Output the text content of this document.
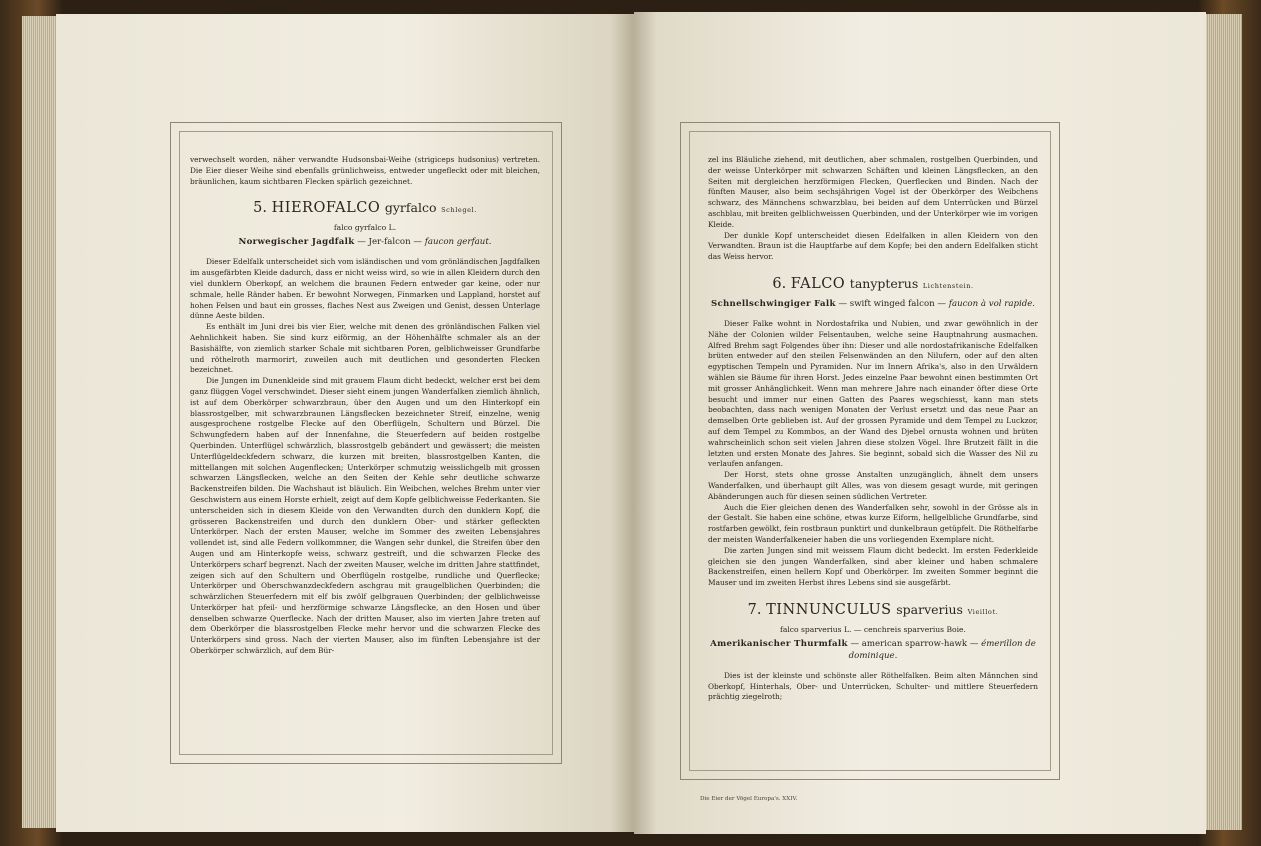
verwechselt worden, näher verwandte Hudsonsbai-Weihe (strigiceps hudsonius) vertreten. Die Eier dieser Weihe sind ebenfalls grünlichweiss, entweder ungefleckt oder mit bleichen, bräunlichen, kaum sichtbaren Flecken spärlich gezeichnet.

5. HIEROFALCO gyrfalco Schlegel.
falco gyrfalco L.
Norwegischer Jagdfalk — Jer-falcon — faucon gerfaut.

Dieser Edelfalk unterscheidet sich vom isländischen und vom grönländischen Jagdfalken im ausgefärbten Kleide dadurch, dass er nicht weiss wird, so wie in allen Kleidern durch den viel dunklern Oberkopf, an welchem die braunen Federn entweder gar keine, oder nur schmale, helle Ränder haben. Er bewohnt Norwegen, Finmarken und Lappland, horstet auf hohen Felsen und baut ein grosses, flaches Nest aus Zweigen und Genist, dessen Unterlage dünne Aeste bilden.

Es enthält im Juni drei bis vier Eier, welche mit denen des grönländischen Falken viel Aehnlichkeit haben. Sie sind kurz eiförmig, an der Höhenhälfte schmaler als an der Basishälfte, von ziemlich starker Schale mit sichtbaren Poren, gelblichweisser Grundfarbe und röthelroth marmorirt, zuweilen auch mit deutlichen und gesonderten Flecken bezeichnet.

Die Jungen im Dunenkleide sind mit grauem Flaum dicht bedeckt, welcher erst bei dem ganz flüggen Vogel verschwindet. Dieser sieht einem jungen Wanderfalken ziemlich ähnlich, ist auf dem Oberkörper schwarzbraun, über den Augen und um den Hinterkopf ein blassrostgelber, mit schwarzbraunen Längsflecken bezeichneter Streif, einzelne, wenig ausgesprochene rostgelbe Flecke auf den Oberflügeln, Schultern und Bürzel. Die Schwungfedern haben auf der Innenfahne, die Steuerfedern auf beiden rostgelbe Querbinden. Unterflügel schwärzlich, blassrostgelb gebändert und gewässert; die meisten Unterflügeldeckfedern schwarz, die kurzen mit breiten, blassrostgelben Kanten, die mittellangen mit solchen Augenflecken; Unterkörper schmutzig weisslichgelb mit grossen schwarzen Längsflecken, welche an den Seiten der Kehle sehr deutliche schwarze Backenstreifen bilden. Die Wachshaut ist bläulich. Ein Weibchen, welches Brehm unter vier Geschwistern aus einem Horste erhielt, zeigt auf dem Kopfe gelblichweisse Federkanten. Sie unterscheiden sich in diesem Kleide von den Verwandten durch den dunklern Kopf, die grösseren Backenstreifen und durch den dunklern Ober- und stärker gefleckten Unterkörper. Nach der ersten Mauser, welche im Sommer des zweiten Lebensjahres vollendet ist, sind alle Federn vollkommner, die Wangen sehr dunkel, die Streifen über den Augen und am Hinterkopfe weiss, schwarz gestreift, und die schwarzen Flecke des Unterkörpers scharf begrenzt. Nach der zweiten Mauser, welche im dritten Jahre stattfindet, zeigen sich auf den Schultern und Oberflügeln rostgelbe, rundliche und Querflecke; Unterkörper und Oberschwanzdeckfedern aschgrau mit graugelblichen Querbinden; die schwärzlichen Steuerfedern mit elf bis zwölf gelbgrauen Querbinden; der gelblichweisse Unterkörper hat pfeil- und herzförmige schwarze Längsflecke, an den Hosen und über denselben schwarze Querflecke. Nach der dritten Mauser, also im vierten Jahre treten auf dem Oberkörper die blassrostgelben Flecke mehr hervor und die schwarzen Flecke des Unterkörpers sind gross. Nach der vierten Mauser, also im fünften Lebensjahre ist der Oberkörper schwärzlich, auf dem Bür-

zel ins Bläuliche ziehend, mit deutlichen, aber schmalen, rostgelben Querbinden, und der weisse Unterkörper mit schwarzen Schäften und kleinen Längsflecken, an den Seiten mit dergleichen herzförmigen Flecken, Querflecken und Binden. Nach der fünften Mauser, also beim sechsjährigen Vogel ist der Oberkörper des Weibchens schwarz, des Männchens schwarzblau, bei beiden auf dem Unterrücken und Bürzel aschblau, mit breiten gelblichweissen Querbinden, und der Unterkörper wie im vorigen Kleide.

Der dunkle Kopf unterscheidet diesen Edelfalken in allen Kleidern von den Verwandten. Braun ist die Hauptfarbe auf dem Kopfe; bei den andern Edelfalken sticht das Weiss hervor.

6. FALCO tanypterus Lichtenstein.
Schnellschwingiger Falk — swift winged falcon — faucon à vol rapide.

Dieser Falke wohnt in Nordostafrika und Nubien, und zwar gewöhnlich in der Nähe der Colonien wilder Felsentauben, welche seine Hauptnahrung ausmachen. Alfred Brehm sagt Folgendes über ihn: Dieser und alle nordostafrikanische Edelfalken brüten entweder auf den steilen Felsenwänden an den Nilufern, oder auf den alten egyptischen Tempeln und Pyramiden. Nur im Innern Afrika's, also in den Urwäldern wählen sie Bäume für ihren Horst. Jedes einzelne Paar bewohnt einen bestimmten Ort mit grosser Anhänglichkeit. Wenn man mehrere Jahre nach einander öfter diese Orte besucht und immer nur einen Gatten des Paares wegschiesst, kann man stets beobachten, dass nach wenigen Monaten der Verlust ersetzt und das neue Paar an demselben Orte geblieben ist. Auf der grossen Pyramide und dem Tempel zu Luckzor, auf dem Tempel zu Kommbos, an der Wand des Djebel ornusta wohnen und brüten wahrscheinlich schon seit vielen Jahren diese stolzen Vögel. Ihre Brutzeit fällt in die letzten und ersten Monate des Jahres. Sie beginnt, sobald sich die Wasser des Nil zu verlaufen anfangen.

Der Horst, stets ohne grosse Anstalten unzugänglich, ähnelt dem unsers Wanderfalken, und überhaupt gilt Alles, was von diesem gesagt wurde, mit geringen Abänderungen auch für diesen seinen südlichen Vertreter.

Auch die Eier gleichen denen des Wanderfalken sehr, sowohl in der Grösse als in der Gestalt. Sie haben eine schöne, etwas kurze Eiform, hellgelbliche Grundfarbe, sind rostfarben gewölkt, fein rostbraun punktirt und dunkelbraun getüpfelt. Die Röthelfarbe der meisten Wanderfalkeneier haben die uns vorliegenden Exemplare nicht.

Die zarten Jungen sind mit weissem Flaum dicht bedeckt. Im ersten Federkleide gleichen sie den jungen Wanderfalken, sind aber kleiner und haben schmalere Backenstreifen, einen hellern Kopf und Oberkörper. Im zweiten Sommer beginnt die Mauser und im zweiten Herbst ihres Lebens sind sie ausgefärbt.

7. TINNUNCULUS sparverius Vieillot.
falco sparverius L. — cenchreis sparverius Boie.
Amerikanischer Thurmfalk — american sparrow-hawk — émerillon de dominique.

Dies ist der kleinste und schönste aller Röthelfalken. Beim alten Männchen sind Oberkopf, Hinterhals, Ober- und Unterrücken, Schulter- und mittlere Steuerfedern prächtig ziegelroth;

Die Eier der Vögel Europa's. XXIV.
